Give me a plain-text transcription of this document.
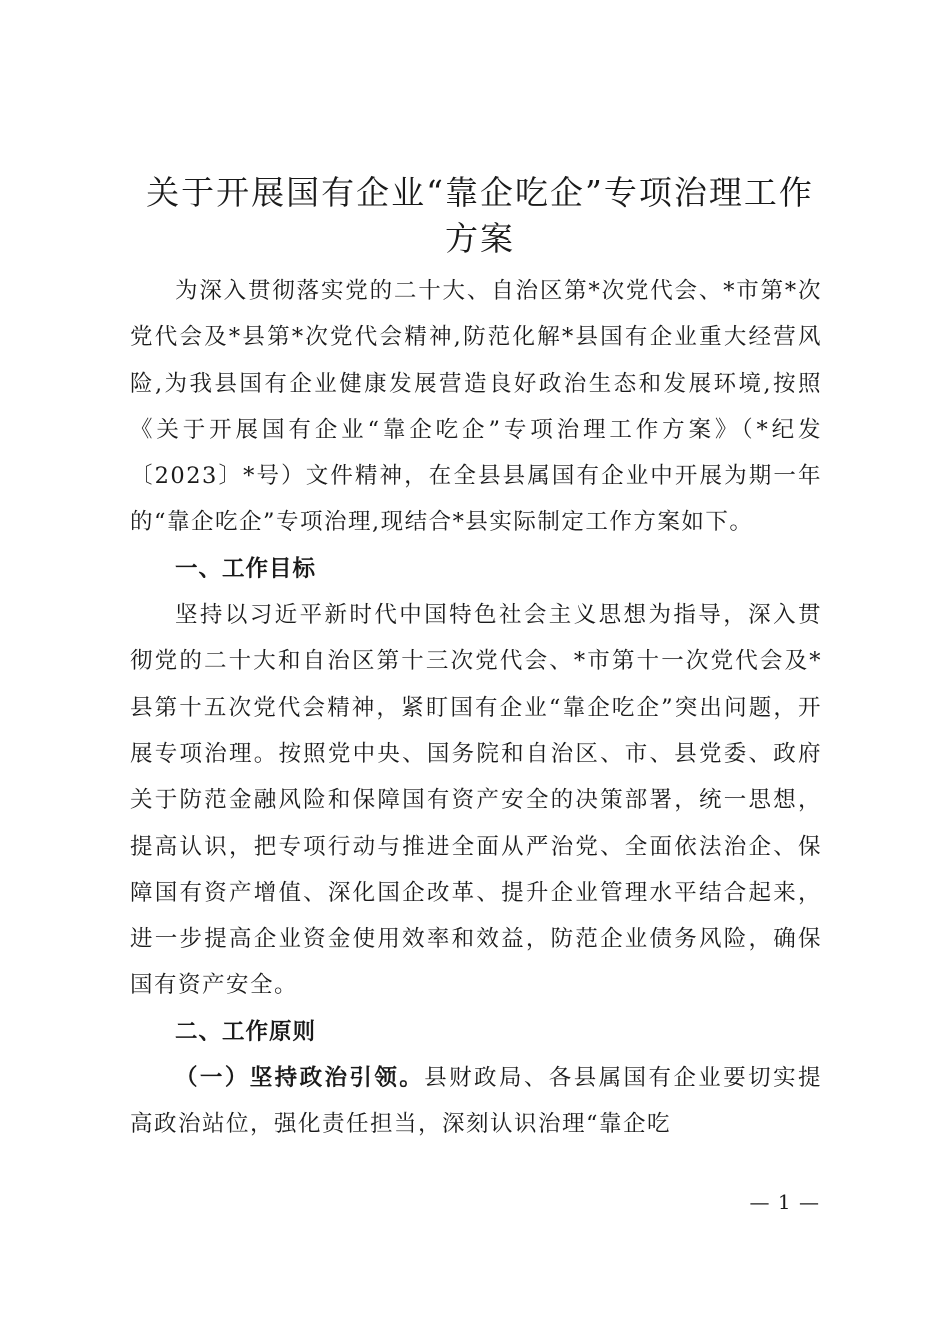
关于开展国有企业“靠企吃企”专项治理工作
方案

为深入贯彻落实党的二十大、自治区第*次党代会、*市第*次党代会及*县第*次党代会精神,防范化解*县国有企业重大经营风险,为我县国有企业健康发展营造良好政治生态和发展环境,按照《关于开展国有企业“靠企吃企”专项治理工作方案》（*纪发〔2023〕*号）文件精神，在全县县属国有企业中开展为期一年的“靠企吃企”专项治理,现结合*县实际制定工作方案如下。

一、工作目标

坚持以习近平新时代中国特色社会主义思想为指导，深入贯彻党的二十大和自治区第十三次党代会、*市第十一次党代会及*县第十五次党代会精神，紧盯国有企业“靠企吃企”突出问题，开展专项治理。按照党中央、国务院和自治区、市、县党委、政府关于防范金融风险和保障国有资产安全的决策部署，统一思想，提高认识，把专项行动与推进全面从严治党、全面依法治企、保障国有资产增值、深化国企改革、提升企业管理水平结合起来，进一步提高企业资金使用效率和效益，防范企业债务风险，确保国有资产安全。

二、工作原则

（一）坚持政治引领。县财政局、各县属国有企业要切实提高政治站位，强化责任担当，深刻认识治理“靠企吃

— 1 —
